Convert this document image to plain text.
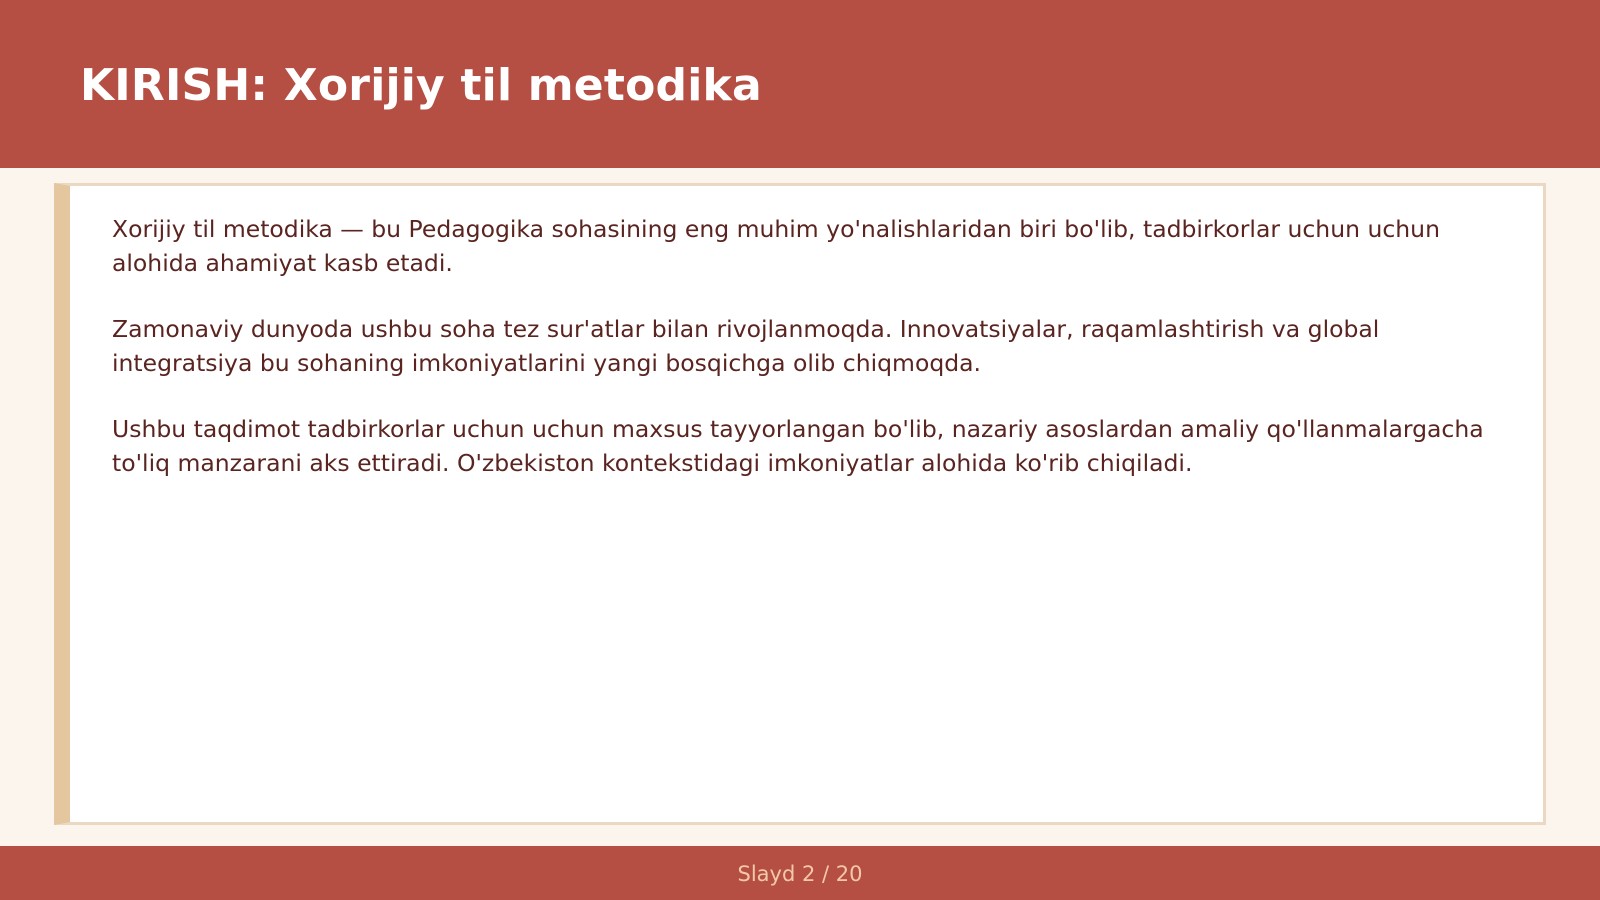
KIRISH: Xorijiy til metodika

Xorijiy til metodika — bu Pedagogika sohasining eng muhim yo'nalishlaridan biri bo'lib, tadbirkorlar uchun uchun alohida ahamiyat kasb etadi.

Zamonaviy dunyoda ushbu soha tez sur'atlar bilan rivojlanmoqda. Innovatsiyalar, raqamlashtirish va global integratsiya bu sohaning imkoniyatlarini yangi bosqichga olib chiqmoqda.

Ushbu taqdimot tadbirkorlar uchun uchun maxsus tayyorlangan bo'lib, nazariy asoslardan amaliy qo'llanmalargacha to'liq manzarani aks ettiradi. O'zbekiston kontekstidagi imkoniyatlar alohida ko'rib chiqiladi.

Slayd 2 / 20
